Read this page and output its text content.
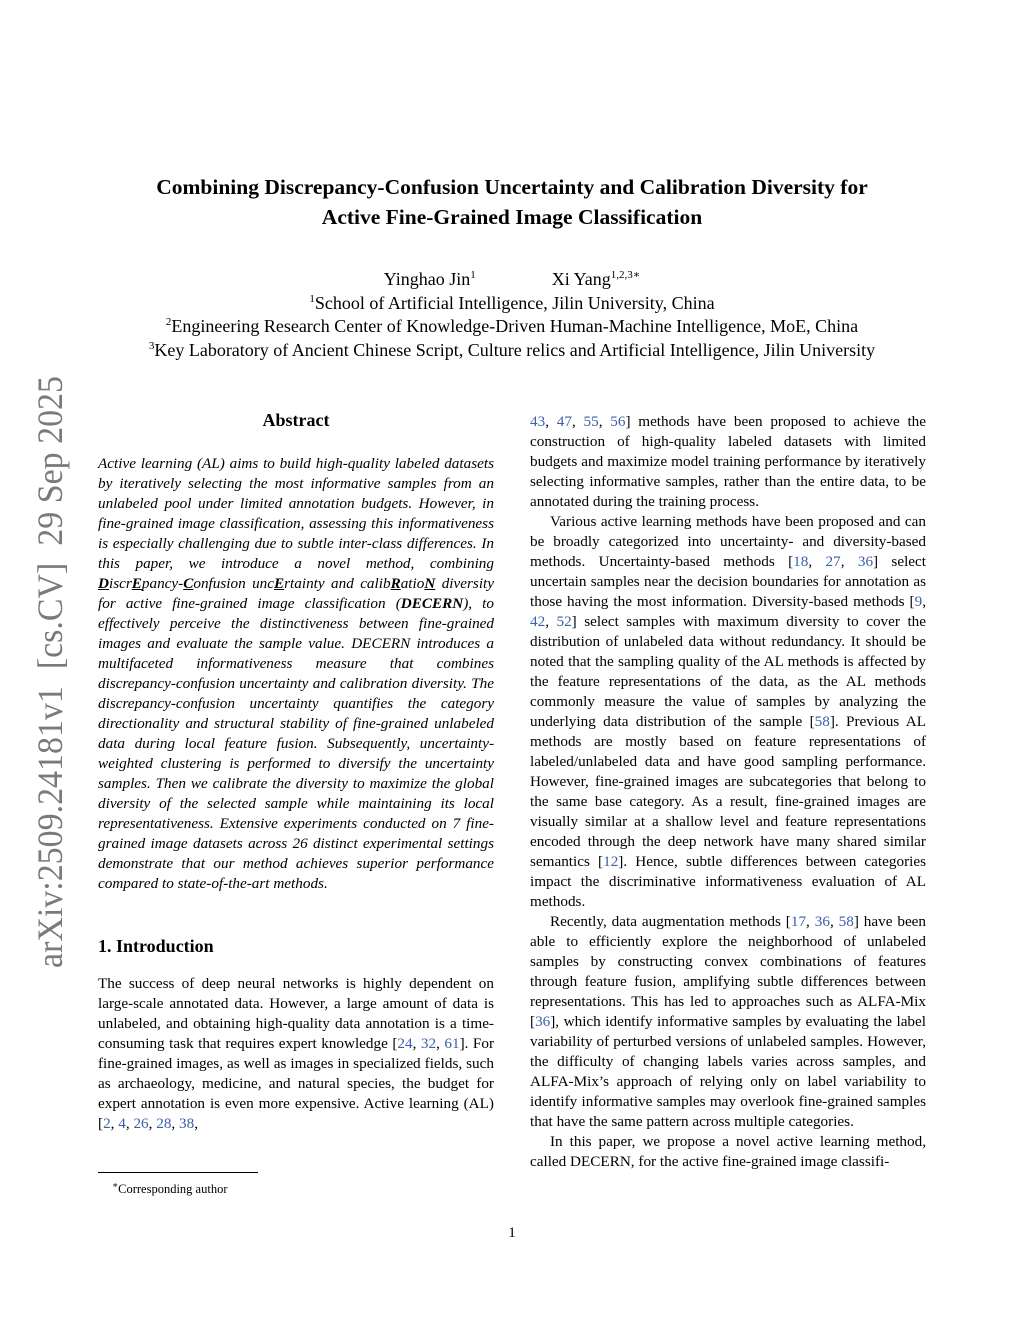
arXiv:2509.24181v1  [cs.CV]  29 Sep 2025
Combining Discrepancy-Confusion Uncertainty and Calibration Diversity for
Active Fine-Grained Image Classification
Yinghao Jin$^1$	Xi Yang$^{1,2,3∗}$
$^1$School of Artificial Intelligence, Jilin University, China
$^2$Engineering Research Center of Knowledge-Driven Human-Machine Intelligence, MoE, China
$^3$Key Laboratory of Ancient Chinese Script, Culture relics and Artificial Intelligence, Jilin University
Abstract

Active learning (AL) aims to build high-quality labeled datasets by iteratively selecting the most informative samples from an unlabeled pool under limited annotation budgets. However, in fine-grained image classification, assessing this informativeness is especially challenging due to subtle inter-class differences. In this paper, we introduce a novel method, combining DiscrEpancy-Confusion uncErtainty and calibRatioN diversity for active fine-grained image classification (DECERN), to effectively perceive the distinctiveness between fine-grained images and evaluate the sample value. DECERN introduces a multifaceted informativeness measure that combines discrepancy-confusion uncertainty and calibration diversity. The discrepancy-confusion uncertainty quantifies the category directionality and structural stability of fine-grained unlabeled data during local feature fusion. Subsequently, uncertainty-weighted clustering is performed to diversify the uncertainty samples. Then we calibrate the diversity to maximize the global diversity of the selected sample while maintaining its local representativeness. Extensive experiments conducted on 7 fine-grained image datasets across 26 distinct experimental settings demonstrate that our method achieves superior performance compared to state-of-the-art methods.

1. Introduction

The success of deep neural networks is highly dependent on large-scale annotated data. However, a large amount of data is unlabeled, and obtaining high-quality data annotation is a time-consuming task that requires expert knowledge [24, 32, 61]. For fine-grained images, as well as images in specialized fields, such as archaeology, medicine, and natural species, the budget for expert annotation is even more expensive. Active learning (AL) [2, 4, 26, 28, 38,

43, 47, 55, 56] methods have been proposed to achieve the construction of high-quality labeled datasets with limited budgets and maximize model training performance by iteratively selecting informative samples, rather than the entire data, to be annotated during the training process.

Various active learning methods have been proposed and can be broadly categorized into uncertainty- and diversity-based methods. Uncertainty-based methods [18, 27, 36] select uncertain samples near the decision boundaries for annotation as those having the most information. Diversity-based methods [9, 42, 52] select samples with maximum diversity to cover the distribution of unlabeled data without redundancy. It should be noted that the sampling quality of the AL methods is affected by the feature representations of the data, as the AL methods commonly measure the value of samples by analyzing the underlying data distribution of the sample [58]. Previous AL methods are mostly based on feature representations of labeled/unlabeled data and have good sampling performance. However, fine-grained images are subcategories that belong to the same base category. As a result, fine-grained images are visually similar at a shallow level and feature representations encoded through the deep network have many shared similar semantics [12]. Hence, subtle differences between categories impact the discriminative informativeness evaluation of AL methods.

Recently, data augmentation methods [17, 36, 58] have been able to efficiently explore the neighborhood of unlabeled samples by constructing convex combinations of features through feature fusion, amplifying subtle differences between representations. This has led to approaches such as ALFA-Mix [36], which identify informative samples by evaluating the label variability of perturbed versions of unlabeled samples. However, the difficulty of changing labels varies across samples, and ALFA-Mix’s approach of relying only on label variability to identify informative samples may overlook fine-grained samples that have the same pattern across multiple categories.

In this paper, we propose a novel active learning method, called DECERN, for the active fine-grained image classifi-

∗Corresponding author
1
